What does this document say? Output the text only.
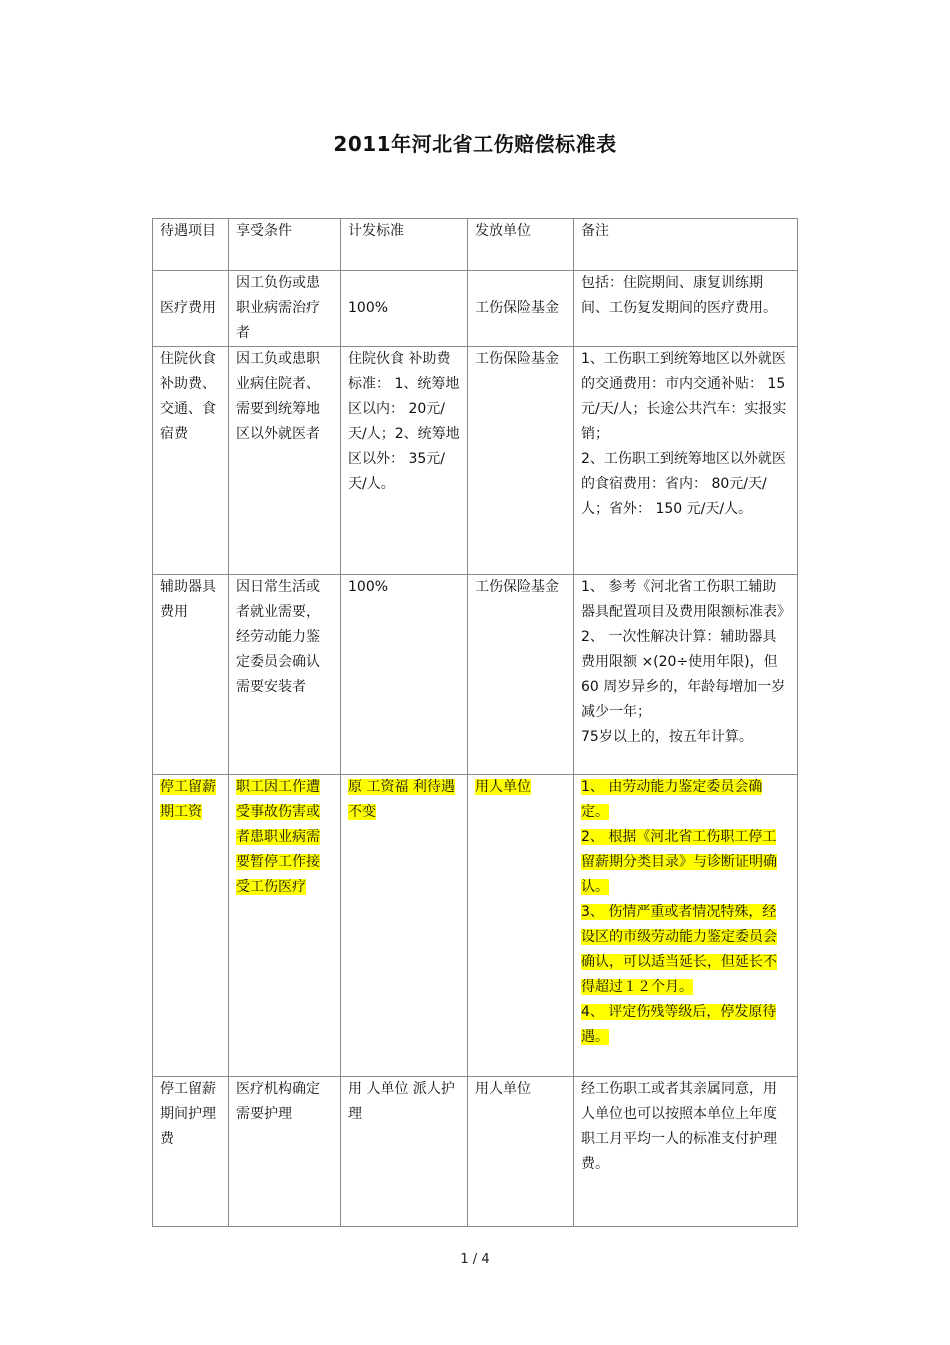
2011年河北省工伤赔偿标准表
待遇项目	享受条件	计发标准	发放单位	备注
医疗费用	因工负伤或患职业病需治疗者	100%	工伤保险基金	包括：住院期间、康复训练期间、工伤复发期间的医疗费用。

住院伙食补助费、交通、食宿费	因工负或患职业病住院者、需要到统筹地区以外就医者	住院伙食 补助费标准： 1、统筹地区以内： 20元/天/人；2、统筹地区以外： 35元/天/人。	工伤保险基金	1、工伤职工到统筹地区以外就医的交通费用：市内交通补贴： 15元/天/人；长途公共汽车：实报实销；
2、工伤职工到统筹地区以外就医的食宿费用：省内： 80元/天/人；省外： 150 元/天/人。

辅助器具费用	因日常生活或者就业需要，经劳动能力鉴定委员会确认需要安装者	100%	工伤保险基金	1、 参考《河北省工伤职工辅助器具配置项目及费用限额标准表》
2、 一次性解决计算：辅助器具费用限额 ×(20÷使用年限)，但 60 周岁异乡的，年龄每增加一岁减少一年；
75岁以上的，按五年计算。

停工留薪期工资	职工因工作遭受事故伤害或者患职业病需要暂停工作接受工伤医疗	原 工资福 利待遇不变	用人单位	1、 由劳动能力鉴定委员会确定。
2、 根据《河北省工伤职工停工留薪期分类目录》与诊断证明确认。
3、 伤情严重或者情况特殊，经设区的市级劳动能力鉴定委员会确认，可以适当延长，但延长不得超过１２个月。
4、 评定伤残等级后，停发原待遇。

停工留薪期间护理费	医疗机构确定需要护理	用 人单位 派人护理	用人单位	经工伤职工或者其亲属同意，用人单位也可以按照本单位上年度职工月平均一人的标准支付护理费。
1 / 4
